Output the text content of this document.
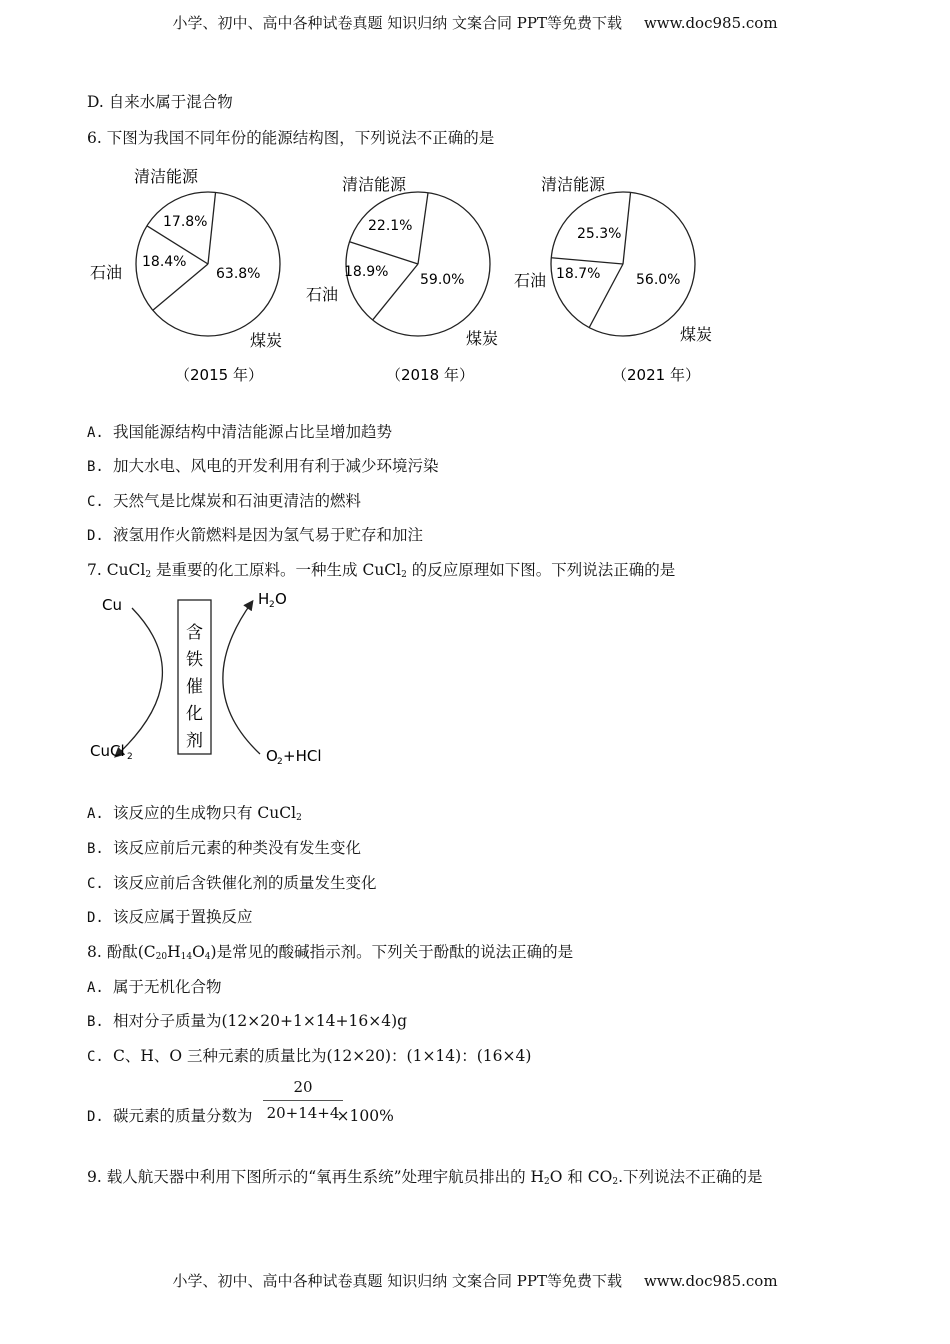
小学、初中、高中各种试卷真题 知识归纳 文案合同 PPT等免费下载 www.doc985.com
D. 自来水属于混合物
6. 下图为我国不同年份的能源结构图，下列说法不正确的是
清洁能源
石油
煤炭
17.8%
18.4%
63.8%
（2015 年）
清洁能源
石油
煤炭
22.1%
18.9% 59.0%
（2018 年）
清洁能源
石油
煤炭
25.3%
18.7%	56.0%
（2021 年）
A. 我国能源结构中清洁能源占比呈增加趋势
B. 加大水电、风电的开发利用有利于减少环境污染
C. 天然气是比煤炭和石油更清洁的燃料
D. 液氢用作火箭燃料是因为氢气易于贮存和加注
7. CuCl$_2$ 是重要的化工原料。一种生成 CuCl$_2$ 的反应原理如下图。下列说法正确的是
含
铁
催
化
剂
Cu
CuCl 2
H 2 O
O 2 +HCl
A. 该反应的生成物只有 CuCl$_2$
B. 该反应前后元素的种类没有发生变化
C. 该反应前后含铁催化剂的质量发生变化
D. 该反应属于置换反应
8. 酚酞$(C_{20}H_{14}O_4)$是常见的酸碱指示剂。下列关于酚酞的说法正确的是
A. 属于无机化合物
B. 相对分子质量为(12×20+1×14+16×4)g
C. C、H、O 三种元素的质量比为(12×20)：(1×14)：(16×4)
D. 碳元素的质量分数为	×100%
$\frac{20}{20+14+4}$
9. 载人航天器中利用下图所示的“氧再生系统”处理宇航员排出的 $H_2O$ 和 $CO_2$.下列说法不正确的是
小学、初中、高中各种试卷真题 知识归纳 文案合同 PPT等免费下载 www.doc985.com
